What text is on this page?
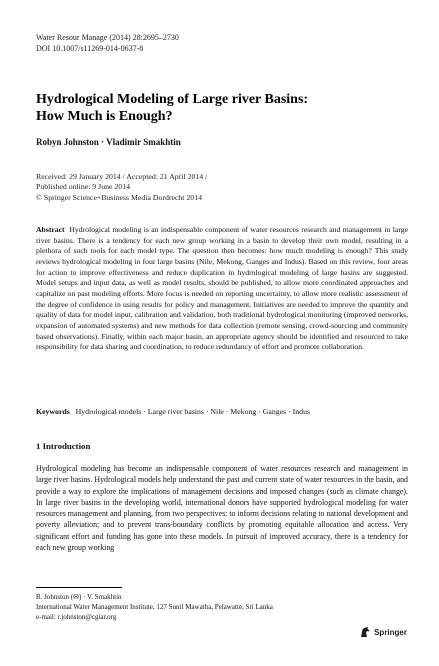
Water Resour Manage (2014) 28:2695–2730
DOI 10.1007/s11269-014-0637-8
Hydrological Modeling of Large river Basins:
How Much is Enough?
Robyn Johnston · Vladimir Smakhtin
Received: 29 January 2014 / Accepted: 21 April 2014 /
Published online: 9 June 2014
© Springer Science+Business Media Dordrecht 2014
Abstract Hydrological modeling is an indispensable component of water resources research and management in large river basins. There is a tendency for each new group working in a basin to develop their own model, resulting in a plethora of such tools for each model type. The question then becomes: how much modeling is enough? This study reviews hydrological modeling in four large basins (Nile, Mekong, Ganges and Indus). Based on this review, four areas for action to improve effectiveness and reduce duplication in hydrological modeling of large basins are suggested. Model setups and input data, as well as model results, should be published, to allow more coordinated approaches and capitalize on past modeling efforts. More focus is needed on reporting uncertainty, to allow more realistic assessment of the degree of confidence in using results for policy and management. Initiatives are needed to improve the quantity and quality of data for model input, calibration and validation, both traditional hydrological monitoring (improved networks, expansion of automated systems) and new methods for data collection (remote sensing, crowd-sourcing and community based observations). Finally, within each major basin, an appropriate agency should be identified and resourced to take responsibility for data sharing and coordination, to reduce redundancy of effort and promote collaboration.
Keywords Hydrological models · Large river basins · Nile · Mekong · Ganges · Indus
1 Introduction
Hydrological modeling has become an indispensable component of water resources research and management in large river basins. Hydrological models help understand the past and current state of water resources in the basin, and provide a way to explore the implications of management decisions and imposed changes (such as climate change). In large river basins in the developing world, international donors have supported hydrological modeling for water resources management and planning, from two perspectives: to inform decisions relating to national development and poverty alleviation; and to prevent trans-boundary conflicts by promoting equitable allocation and access. Very significant effort and funding has gone into these models. In pursuit of improved accuracy, there is a tendency for each new group working
R. Johnston (✉) · V. Smakhtin
International Water Management Institute, 127 Sunil Mawatha, Pelawatte, Sri Lanka
e-mail: r.johnston@cgiar.org
Springer
